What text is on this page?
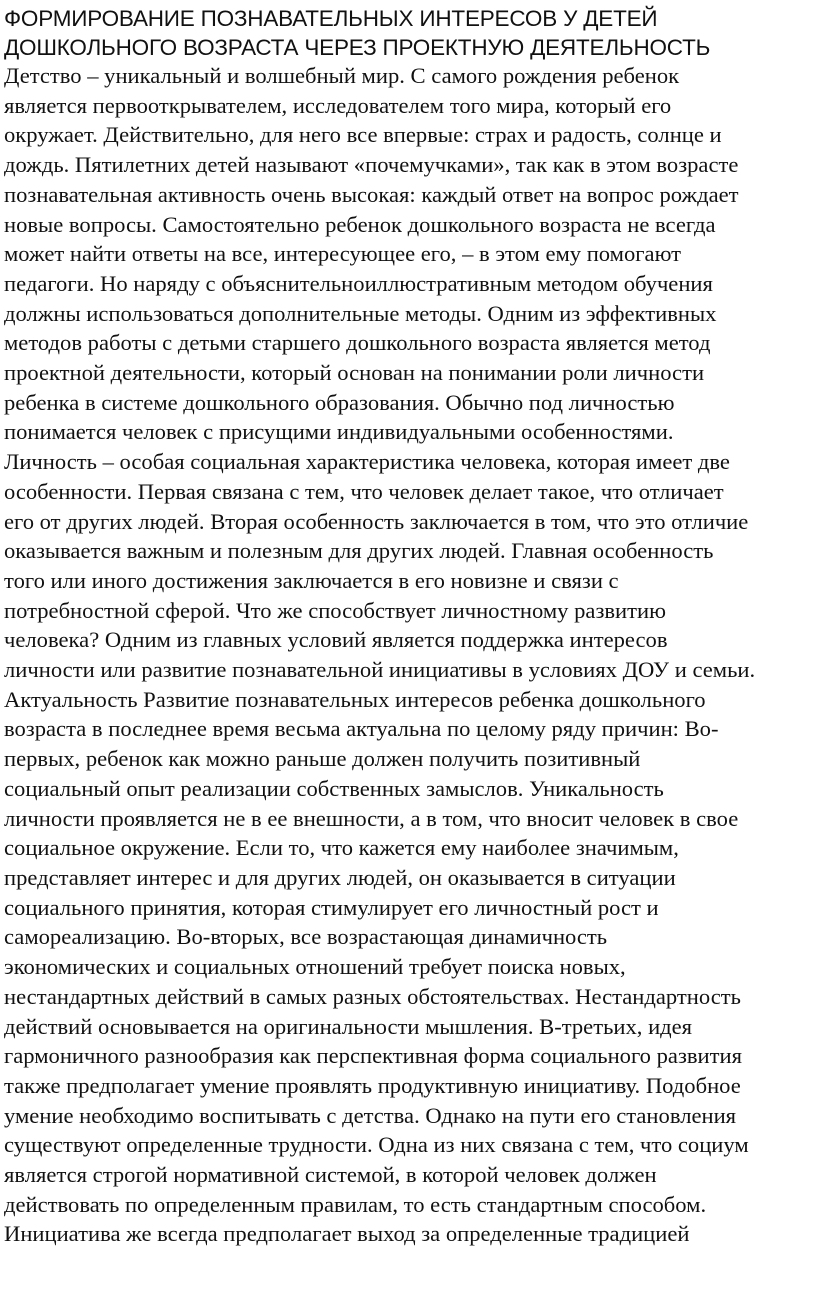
ФОРМИРОВАНИЕ ПОЗНАВАТЕЛЬНЫХ ИНТЕРЕСОВ У ДЕТЕЙ
ДОШКОЛЬНОГО ВОЗРАСТА ЧЕРЕЗ ПРОЕКТНУЮ ДЕЯТЕЛЬНОСТЬ
Детство – уникальный и волшебный мир. С самого рождения ребенок
является первооткрывателем, исследователем того мира, который его
окружает. Действительно, для него все впервые: страх и радость, солнце и
дождь. Пятилетних детей называют «почемучками», так как в этом возрасте
познавательная активность очень высокая: каждый ответ на вопрос рождает
новые вопросы. Самостоятельно ребенок дошкольного возраста не всегда
может найти ответы на все, интересующее его, – в этом ему помогают
педагоги. Но наряду с объяснительноиллюстративным методом обучения
должны использоваться дополнительные методы. Одним из эффективных
методов работы с детьми старшего дошкольного возраста является метод
проектной деятельности, который основан на понимании роли личности
ребенка в системе дошкольного образования. Обычно под личностью
понимается человек с присущими индивидуальными особенностями.
Личность – особая социальная характеристика человека, которая имеет две
особенности. Первая связана с тем, что человек делает такое, что отличает
его от других людей. Вторая особенность заключается в том, что это отличие
оказывается важным и полезным для других людей. Главная особенность
того или иного достижения заключается в его новизне и связи с
потребностной сферой. Что же способствует личностному развитию
человека? Одним из главных условий является поддержка интересов
личности или развитие познавательной инициативы в условиях ДОУ и семьи.
Актуальность Развитие познавательных интересов ребенка дошкольного
возраста в последнее время весьма актуальна по целому ряду причин: Во-
первых, ребенок как можно раньше должен получить позитивный
социальный опыт реализации собственных замыслов. Уникальность
личности проявляется не в ее внешности, а в том, что вносит человек в свое
социальное окружение. Если то, что кажется ему наиболее значимым,
представляет интерес и для других людей, он оказывается в ситуации
социального принятия, которая стимулирует его личностный рост и
самореализацию. Во-вторых, все возрастающая динамичность
экономических и социальных отношений требует поиска новых,
нестандартных действий в самых разных обстоятельствах. Нестандартность
действий основывается на оригинальности мышления. В-третьих, идея
гармоничного разнообразия как перспективная форма социального развития
также предполагает умение проявлять продуктивную инициативу. Подобное
умение необходимо воспитывать с детства. Однако на пути его становления
существуют определенные трудности. Одна из них связана с тем, что социум
является строгой нормативной системой, в которой человек должен
действовать по определенным правилам, то есть стандартным способом.
Инициатива же всегда предполагает выход за определенные традицией
